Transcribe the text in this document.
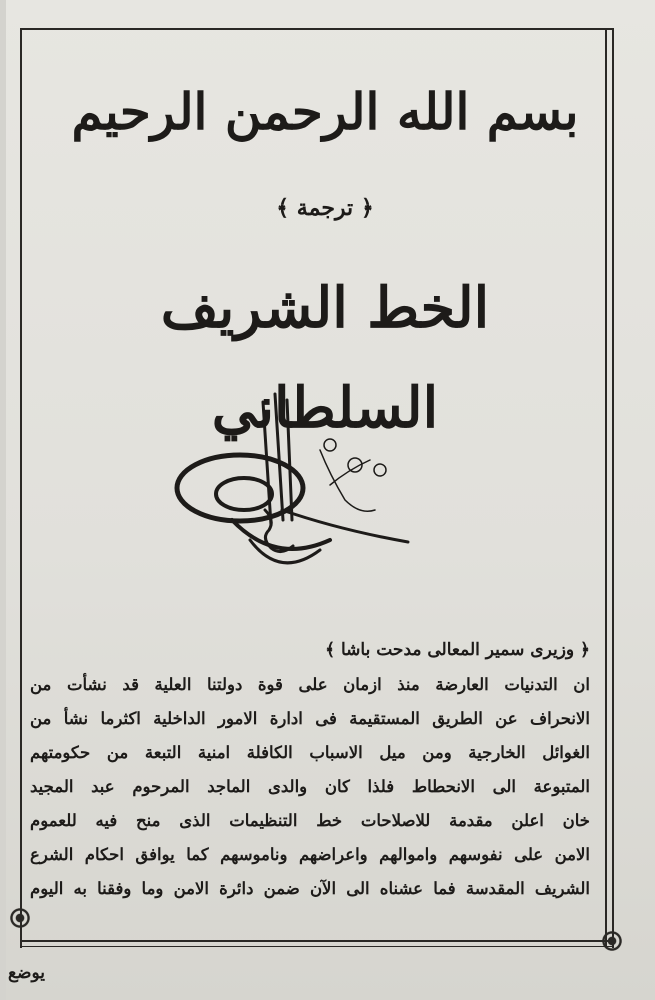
بسم الله الرحمن الرحيم
﴿ ترجمة ﴾
الخط الشريف السلطاني
﴿ وزيرى سمير المعالى مدحت باشا ﴾
ان التدنيات العارضة منذ ازمان على قوة دولتنا العلية قد نشأت من
الانحراف عن الطريق المستقيمة فى ادارة الامور الداخلية اكثرما نشأ من
الغوائل الخارجية ومن ميل الاسباب الكافلة امنية التبعة من حكومتهم
المتبوعة الى الانحطاط فلذا كان والدى الماجد المرحوم عبد المجيد
خان اعلن مقدمة للاصلاحات خط التنظيمات الذى منح فيه للعموم
الامن على نفوسهم واموالهم واعراضهم وناموسهم كما يوافق احكام الشرع
الشريف المقدسة فما عشناه الى الآن ضمن دائرة الامن وما وفقنا به اليوم
يوضع
